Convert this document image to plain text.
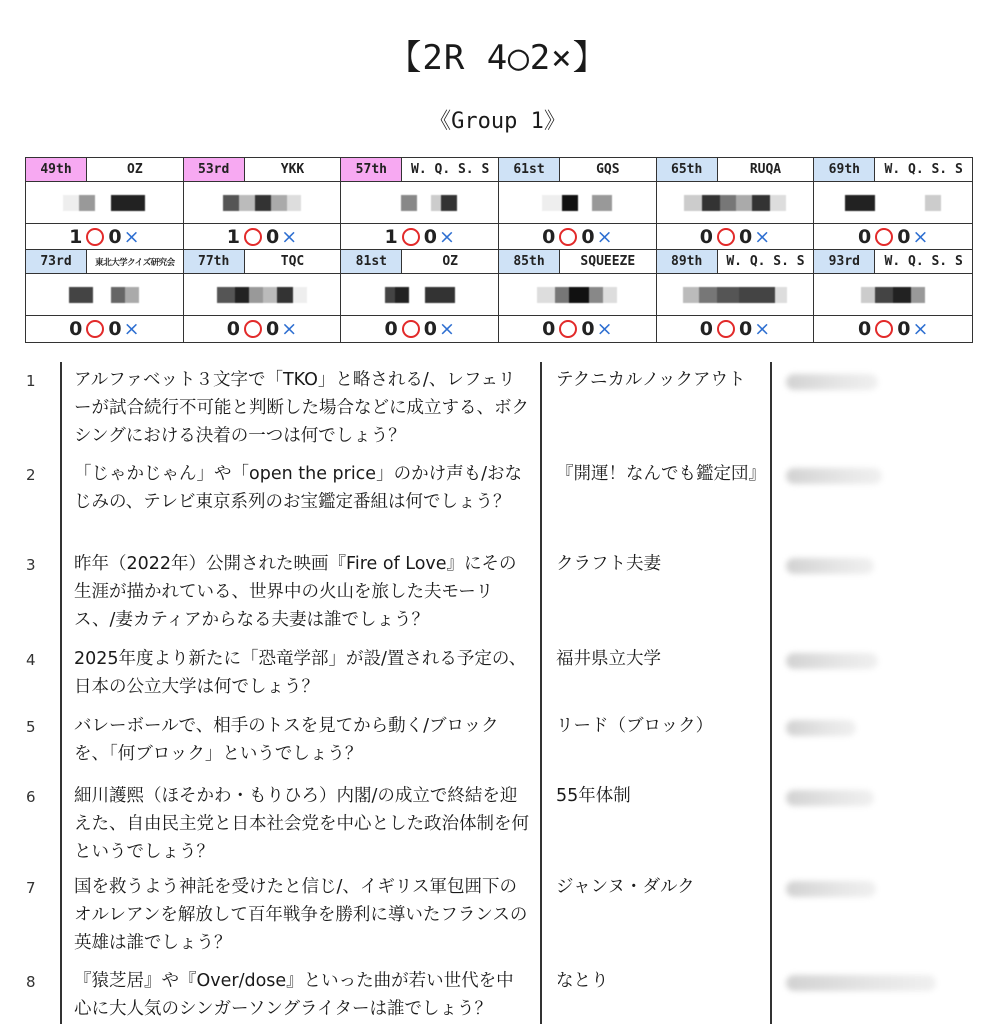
【2R 4◯2×】
《Group 1》
49th	OZ
1 0 ×
53rd	YKK
1 0 ×
57th	W. Q. S. S
1 0 ×
61st	GQS
0 0 ×
65th	RUQA
0 0 ×
69th	W. Q. S. S
0 0 ×
73rd	東北大学クイズ研究会
0 0 ×
77th	TQC
0 0 ×
81st	OZ
0 0 ×
85th	SQUEEZE
0 0 ×
89th	W. Q. S. S
0 0 ×
93rd	W. Q. S. S
0 0 ×
1 アルファベット３文字で「TKO」と略される/、レフェリーが試合続行不可能と判断した場合などに成立する、ボクシングにおける決着の一つは何でしょう？
テクニカルノックアウト
2 「じゃかじゃん」や「open the price」のかけ声も/おなじみの、テレビ東京系列のお宝鑑定番組は何でしょう？
『開運！なんでも鑑定団』
3 昨年（2022年）公開された映画『Fire of Love』にその生涯が描かれている、世界中の火山を旅した夫モーリス、/妻カティアからなる夫妻は誰でしょう？
クラフト夫妻
4 2025年度より新たに「恐竜学部」が設/置される予定の、日本の公立大学は何でしょう？
福井県立大学
5 バレーボールで、相手のトスを見てから動く/ブロックを、「何ブロック」というでしょう？
リード（ブロック）
6 細川護熙（ほそかわ・もりひろ）内閣/の成立で終結を迎えた、自由民主党と日本社会党を中心とした政治体制を何というでしょう？
55年体制
7 国を救うよう神託を受けたと信じ/、イギリス軍包囲下のオルレアンを解放して百年戦争を勝利に導いたフランスの英雄は誰でしょう？
ジャンヌ・ダルク
8 『猿芝居』や『Over/dose』といった曲が若い世代を中心に大人気のシンガーソングライターは誰でしょう？
なとり
